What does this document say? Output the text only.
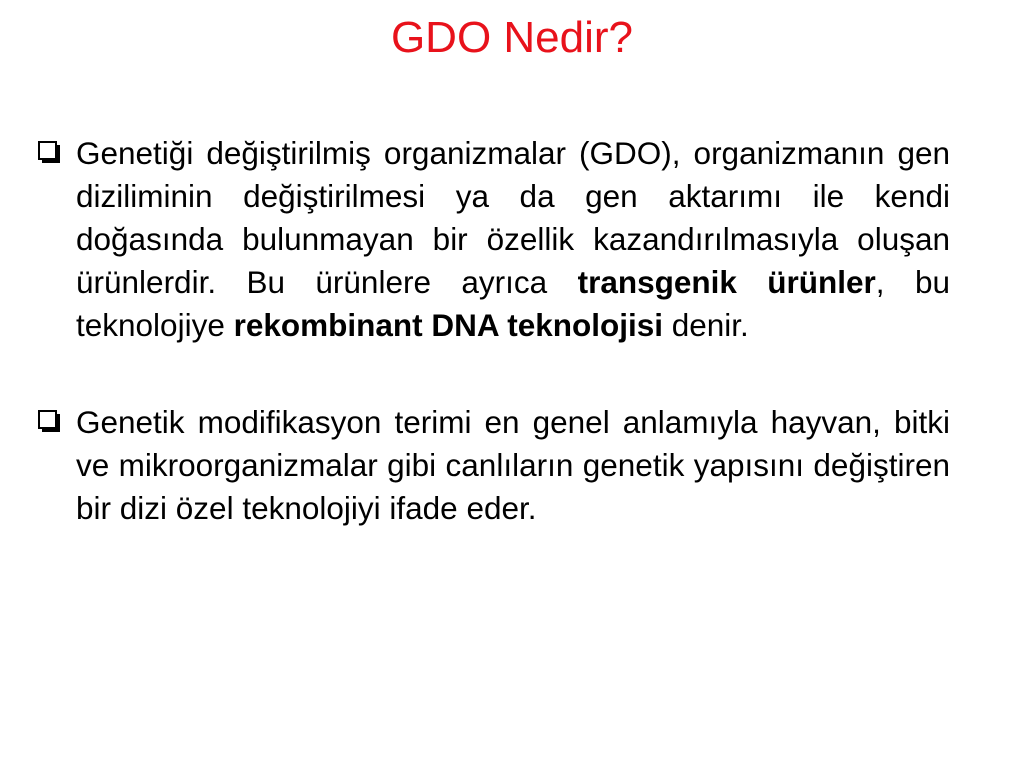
GDO Nedir?
Genetiği değiştirilmiş organizmalar (GDO), organizmanın gen diziliminin değiştirilmesi ya da gen aktarımı ile kendi doğasında bulunmayan bir özellik kazandırılmasıyla oluşan ürünlerdir. Bu ürünlere ayrıca transgenik ürünler, bu teknolojiye rekombinant DNA teknolojisi denir.
Genetik modifikasyon terimi en genel anlamıyla hayvan, bitki ve mikroorganizmalar gibi canlıların genetik yapısını değiştiren bir dizi özel teknolojiyi ifade eder.
